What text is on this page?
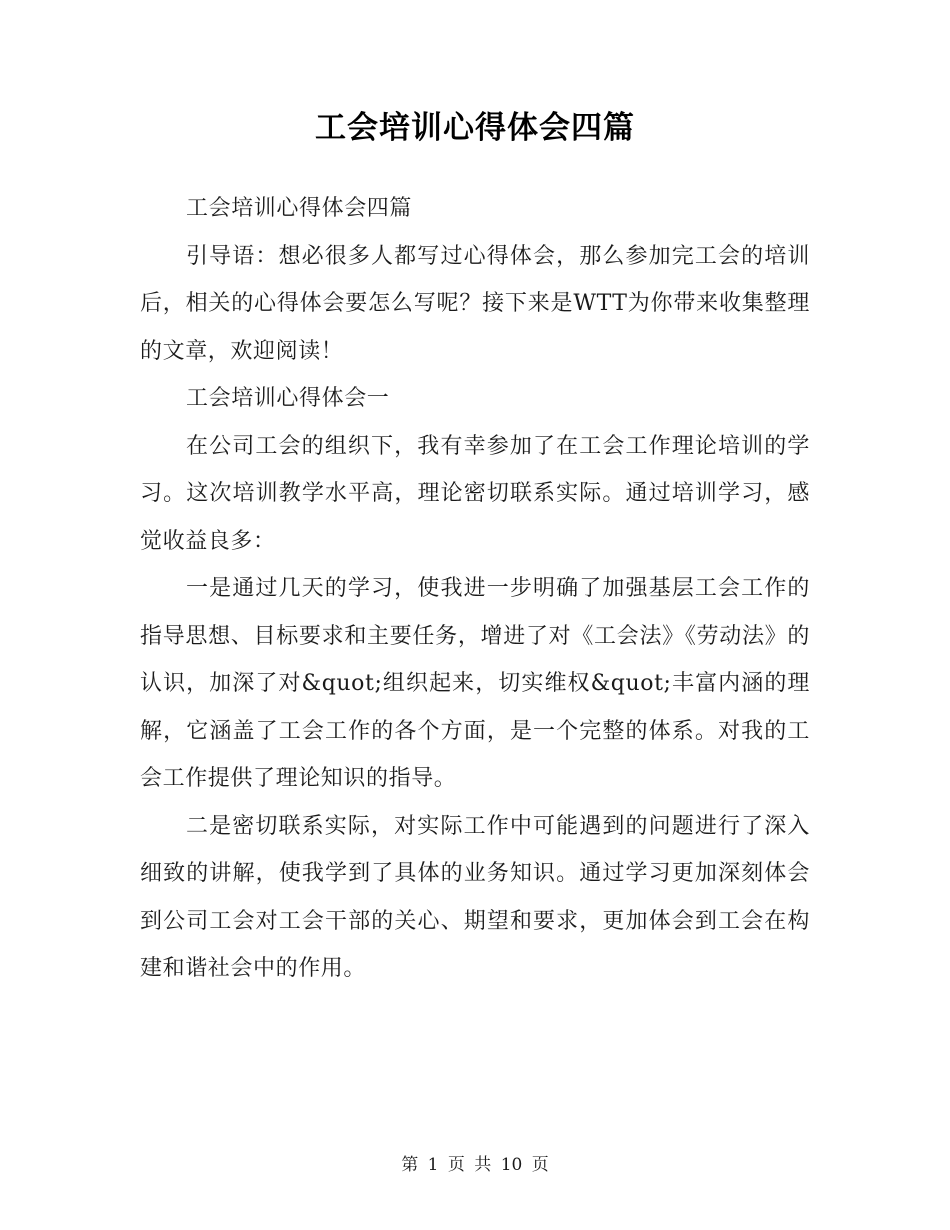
工会培训心得体会四篇

工会培训心得体会四篇

引导语：想必很多人都写过心得体会，那么参加完工会的培训后，相关的心得体会要怎么写呢？接下来是WTT为你带来收集整理的文章，欢迎阅读！

工会培训心得体会一

在公司工会的组织下，我有幸参加了在工会工作理论培训的学习。这次培训教学水平高，理论密切联系实际。通过培训学习，感觉收益良多：

一是通过几天的学习，使我进一步明确了加强基层工会工作的指导思想、目标要求和主要任务，增进了对《工会法》《劳动法》的认识，加深了对&quot;组织起来，切实维权&quot;丰富内涵的理解，它涵盖了工会工作的各个方面，是一个完整的体系。对我的工会工作提供了理论知识的指导。

二是密切联系实际，对实际工作中可能遇到的问题进行了深入细致的讲解，使我学到了具体的业务知识。通过学习更加深刻体会到公司工会对工会干部的关心、期望和要求，更加体会到工会在构建和谐社会中的作用。

第 1 页 共 10 页
